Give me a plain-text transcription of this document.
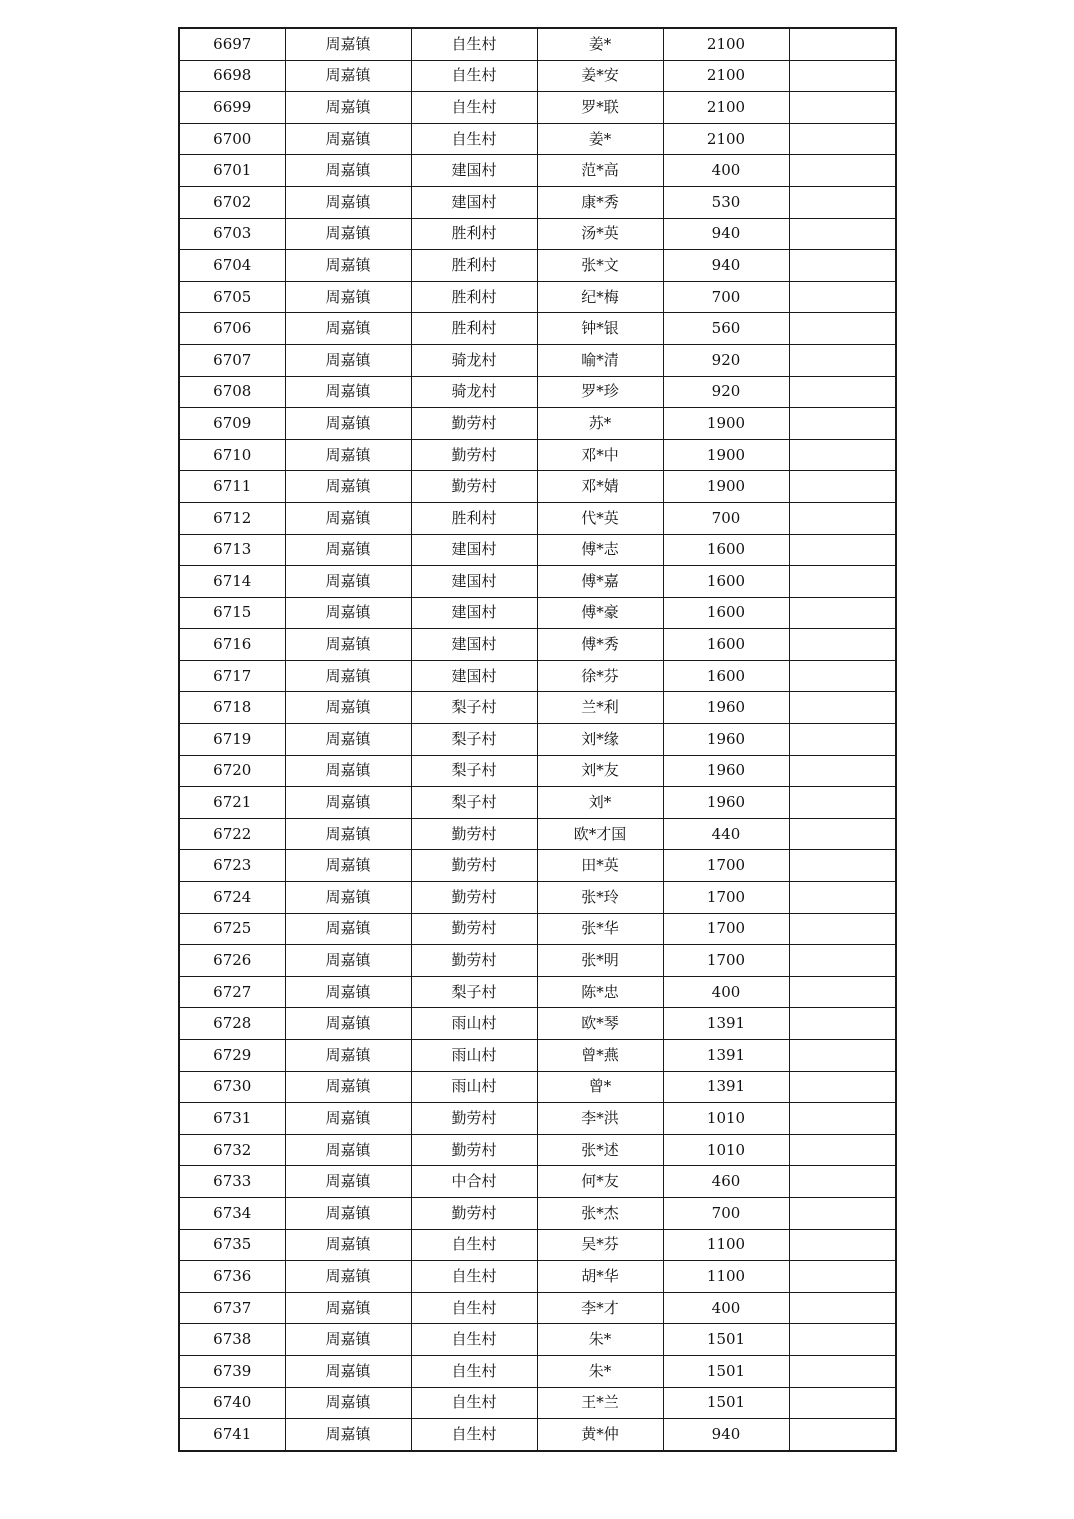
6697	周嘉镇	自生村	姜*	2100	
6698	周嘉镇	自生村	姜*安	2100	
6699	周嘉镇	自生村	罗*联	2100	
6700	周嘉镇	自生村	姜*	2100	
6701	周嘉镇	建国村	范*高	400	
6702	周嘉镇	建国村	康*秀	530	
6703	周嘉镇	胜利村	汤*英	940	
6704	周嘉镇	胜利村	张*文	940	
6705	周嘉镇	胜利村	纪*梅	700	
6706	周嘉镇	胜利村	钟*银	560	
6707	周嘉镇	骑龙村	喻*清	920	
6708	周嘉镇	骑龙村	罗*珍	920	
6709	周嘉镇	勤劳村	苏*	1900	
6710	周嘉镇	勤劳村	邓*中	1900	
6711	周嘉镇	勤劳村	邓*婧	1900	
6712	周嘉镇	胜利村	代*英	700	
6713	周嘉镇	建国村	傅*志	1600	
6714	周嘉镇	建国村	傅*嘉	1600	
6715	周嘉镇	建国村	傅*豪	1600	
6716	周嘉镇	建国村	傅*秀	1600	
6717	周嘉镇	建国村	徐*芬	1600	
6718	周嘉镇	梨子村	兰*利	1960	
6719	周嘉镇	梨子村	刘*缘	1960	
6720	周嘉镇	梨子村	刘*友	1960	
6721	周嘉镇	梨子村	刘*	1960	
6722	周嘉镇	勤劳村	欧*才国	440	
6723	周嘉镇	勤劳村	田*英	1700	
6724	周嘉镇	勤劳村	张*玲	1700	
6725	周嘉镇	勤劳村	张*华	1700	
6726	周嘉镇	勤劳村	张*明	1700	
6727	周嘉镇	梨子村	陈*忠	400	
6728	周嘉镇	雨山村	欧*琴	1391	
6729	周嘉镇	雨山村	曾*燕	1391	
6730	周嘉镇	雨山村	曾*	1391	
6731	周嘉镇	勤劳村	李*洪	1010	
6732	周嘉镇	勤劳村	张*述	1010	
6733	周嘉镇	中合村	何*友	460	
6734	周嘉镇	勤劳村	张*杰	700	
6735	周嘉镇	自生村	吴*芬	1100	
6736	周嘉镇	自生村	胡*华	1100	
6737	周嘉镇	自生村	李*才	400	
6738	周嘉镇	自生村	朱*	1501	
6739	周嘉镇	自生村	朱*	1501	
6740	周嘉镇	自生村	王*兰	1501	
6741	周嘉镇	自生村	黄*仲	940	
